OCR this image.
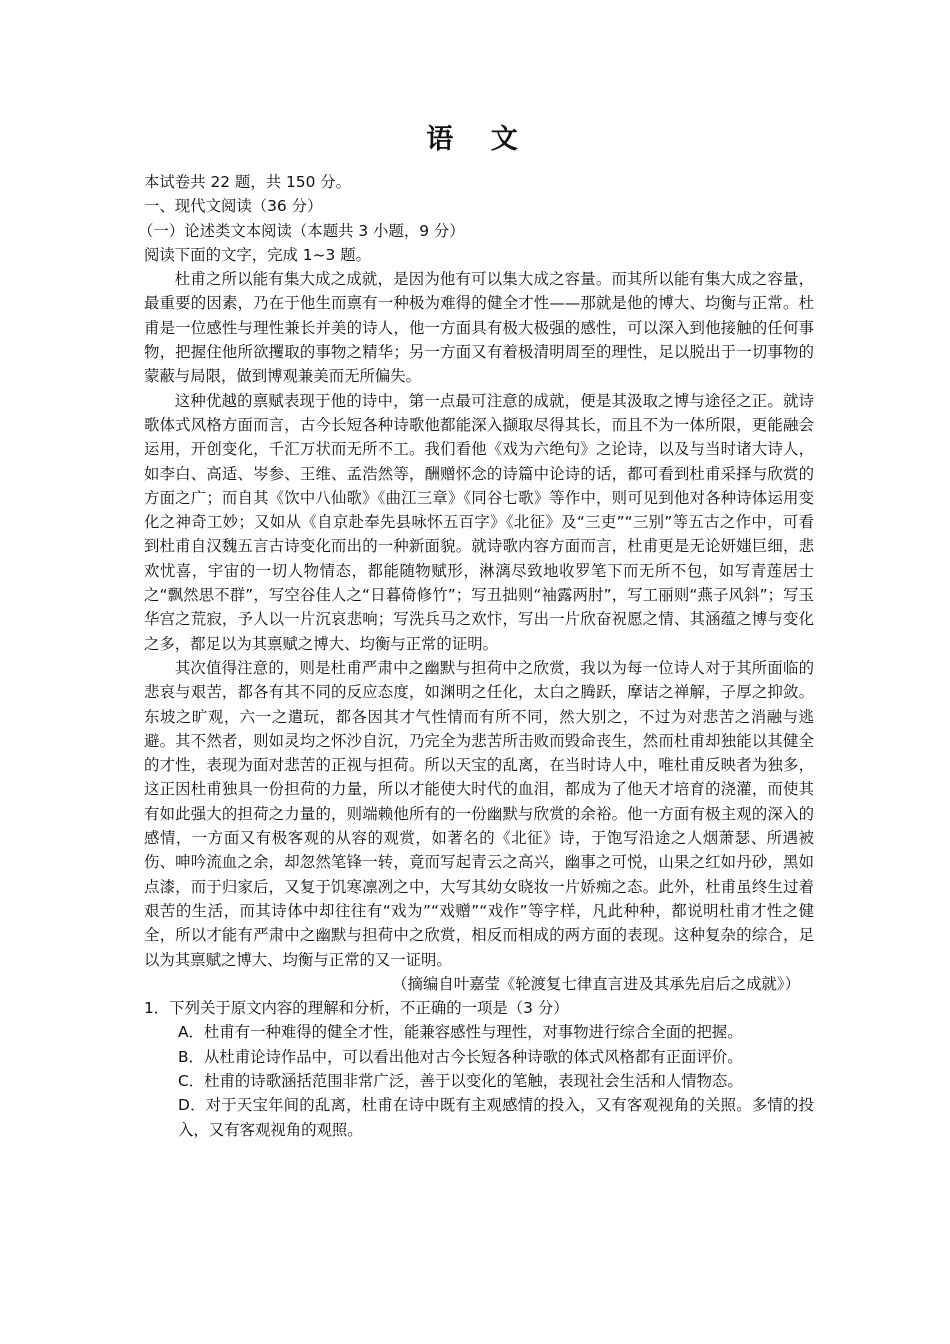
语 文
本试卷共 22 题，共 150 分。
一、现代文阅读（36 分）
（一）论述类文本阅读（本题共 3 小题，9 分）
阅读下面的文字，完成 1~3 题。

杜甫之所以能有集大成之成就，是因为他有可以集大成之容量。而其所以能有集大成之容量，最重要的因素，乃在于他生而禀有一种极为难得的健全才性——那就是他的博大、均衡与正常。杜甫是一位感性与理性兼长并美的诗人，他一方面具有极大极强的感性，可以深入到他接触的任何事物，把握住他所欲攫取的事物之精华；另一方面又有着极清明周至的理性，足以脱出于一切事物的蒙蔽与局限，做到博观兼美而无所偏失。

这种优越的禀赋表现于他的诗中，第一点最可注意的成就，便是其汲取之博与途径之正。就诗歌体式风格方面而言，古今长短各种诗歌他都能深入撷取尽得其长，而且不为一体所限，更能融会运用，开创变化，千汇万状而无所不工。我们看他《戏为六绝句》之论诗，以及与当时诸大诗人，如李白、高适、岑参、王维、孟浩然等，酬赠怀念的诗篇中论诗的话，都可看到杜甫采择与欣赏的方面之广；而自其《饮中八仙歌》《曲江三章》《同谷七歌》等作中，则可见到他对各种诗体运用变化之神奇工妙；又如从《自京赴奉先县咏怀五百字》《北征》及“三吏”“三别”等五古之作中，可看到杜甫自汉魏五言古诗变化而出的一种新面貌。就诗歌内容方面而言，杜甫更是无论妍媸巨细，悲欢忧喜，宇宙的一切人物情态，都能随物赋形，淋漓尽致地收罗笔下而无所不包，如写青莲居士之“飘然思不群”，写空谷佳人之“日暮倚修竹”；写丑拙则“袖露两肘”，写工丽则“燕子风斜”；写玉华宫之荒寂，予人以一片沉哀悲响；写洗兵马之欢忭，写出一片欣奋祝愿之情、其涵蕴之博与变化之多，都足以为其禀赋之博大、均衡与正常的证明。

其次值得注意的，则是杜甫严肃中之幽默与担荷中之欣赏，我以为每一位诗人对于其所面临的悲哀与艰苦，都各有其不同的反应态度，如渊明之任化，太白之腾跃，摩诘之禅解，子厚之抑敛。东坡之旷观，六一之遣玩，都各因其才气性情而有所不同，然大别之，不过为对悲苦之消融与逃避。其不然者，则如灵均之怀沙自沉，乃完全为悲苦所击败而毁命丧生，然而杜甫却独能以其健全的才性，表现为面对悲苦的正视与担荷。所以天宝的乱离，在当时诗人中，唯杜甫反映者为独多，这正因杜甫独具一份担荷的力量，所以才能使大时代的血泪，都成为了他天才培育的浇灌，而使其有如此强大的担荷之力量的，则端赖他所有的一份幽默与欣赏的余裕。他一方面有极主观的深入的感情，一方面又有极客观的从容的观赏，如著名的《北征》诗，于饱写沿途之人烟萧瑟、所遇被伤、呻吟流血之余，却忽然笔锋一转，竟而写起青云之高兴，幽事之可悦，山果之红如丹砂，黑如点漆，而于归家后，又复于饥寒凛冽之中，大写其幼女晓妆一片娇痴之态。此外，杜甫虽终生过着艰苦的生活，而其诗体中却往往有“戏为”“戏赠”“戏作”等字样，凡此种种，都说明杜甫才性之健全，所以才能有严肃中之幽默与担荷中之欣赏，相反而相成的两方面的表现。这种复杂的综合，足以为其禀赋之博大、均衡与正常的又一证明。

（摘编自叶嘉莹《轮渡复七律直言进及其承先启后之成就》）

1．下列关于原文内容的理解和分析，不正确的一项是（3 分）

A．杜甫有一种难得的健全才性，能兼容感性与理性，对事物进行综合全面的把握。

B．从杜甫论诗作品中，可以看出他对古今长短各种诗歌的体式风格都有正面评价。

C．杜甫的诗歌涵括范围非常广泛，善于以变化的笔触，表现社会生活和人情物态。

D．对于天宝年间的乱离，杜甫在诗中既有主观感情的投入，又有客观视角的关照。多情的投入，又有客观视角的观照。
